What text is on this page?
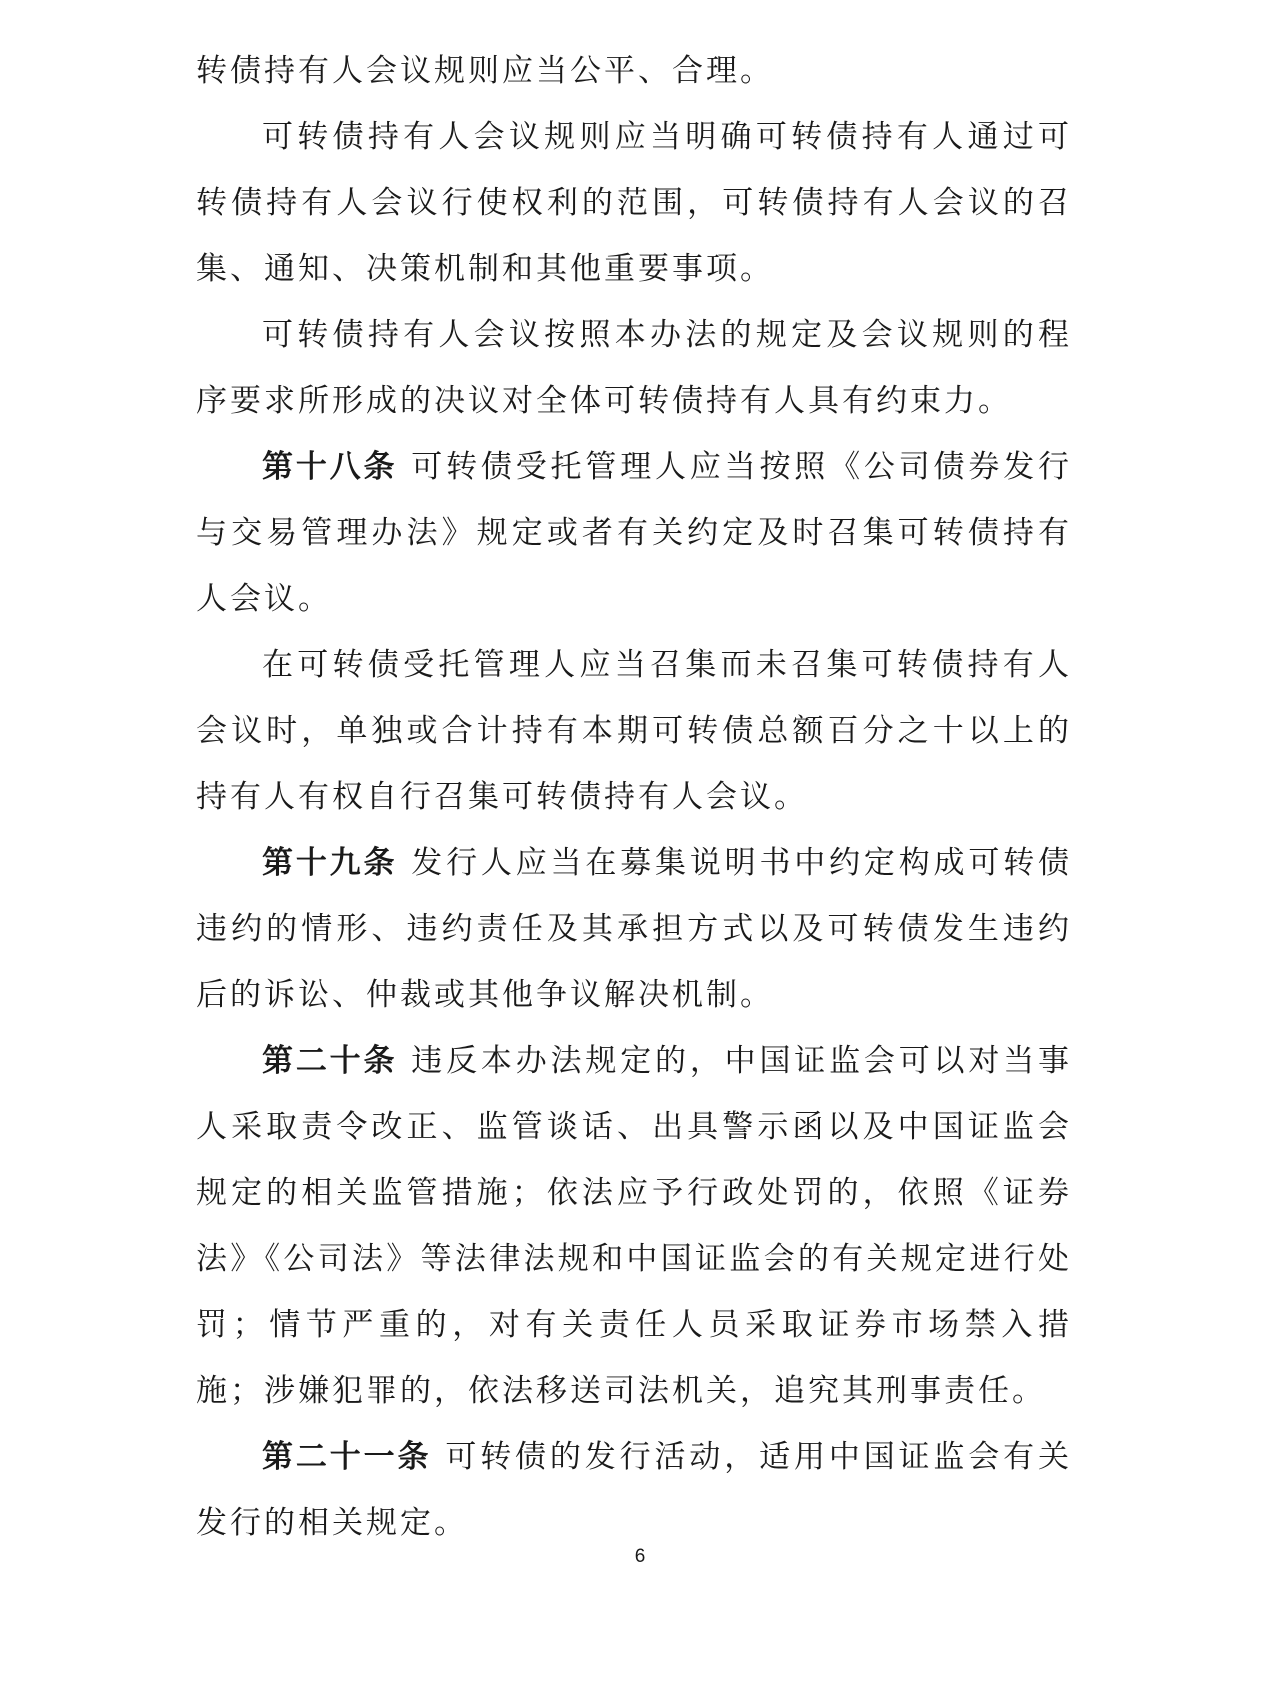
转债持有人会议规则应当公平、合理。

可转债持有人会议规则应当明确可转债持有人通过可转债持有人会议行使权利的范围，可转债持有人会议的召集、通知、决策机制和其他重要事项。

可转债持有人会议按照本办法的规定及会议规则的程序要求所形成的决议对全体可转债持有人具有约束力。

第十八条 可转债受托管理人应当按照《公司债券发行与交易管理办法》规定或者有关约定及时召集可转债持有人会议。

在可转债受托管理人应当召集而未召集可转债持有人会议时，单独或合计持有本期可转债总额百分之十以上的持有人有权自行召集可转债持有人会议。

第十九条 发行人应当在募集说明书中约定构成可转债违约的情形、违约责任及其承担方式以及可转债发生违约后的诉讼、仲裁或其他争议解决机制。

第二十条 违反本办法规定的，中国证监会可以对当事人采取责令改正、监管谈话、出具警示函以及中国证监会规定的相关监管措施；依法应予行政处罚的，依照《证券法》《公司法》等法律法规和中国证监会的有关规定进行处罚；情节严重的，对有关责任人员采取证券市场禁入措施；涉嫌犯罪的，依法移送司法机关，追究其刑事责任。

第二十一条 可转债的发行活动，适用中国证监会有关发行的相关规定。

6
